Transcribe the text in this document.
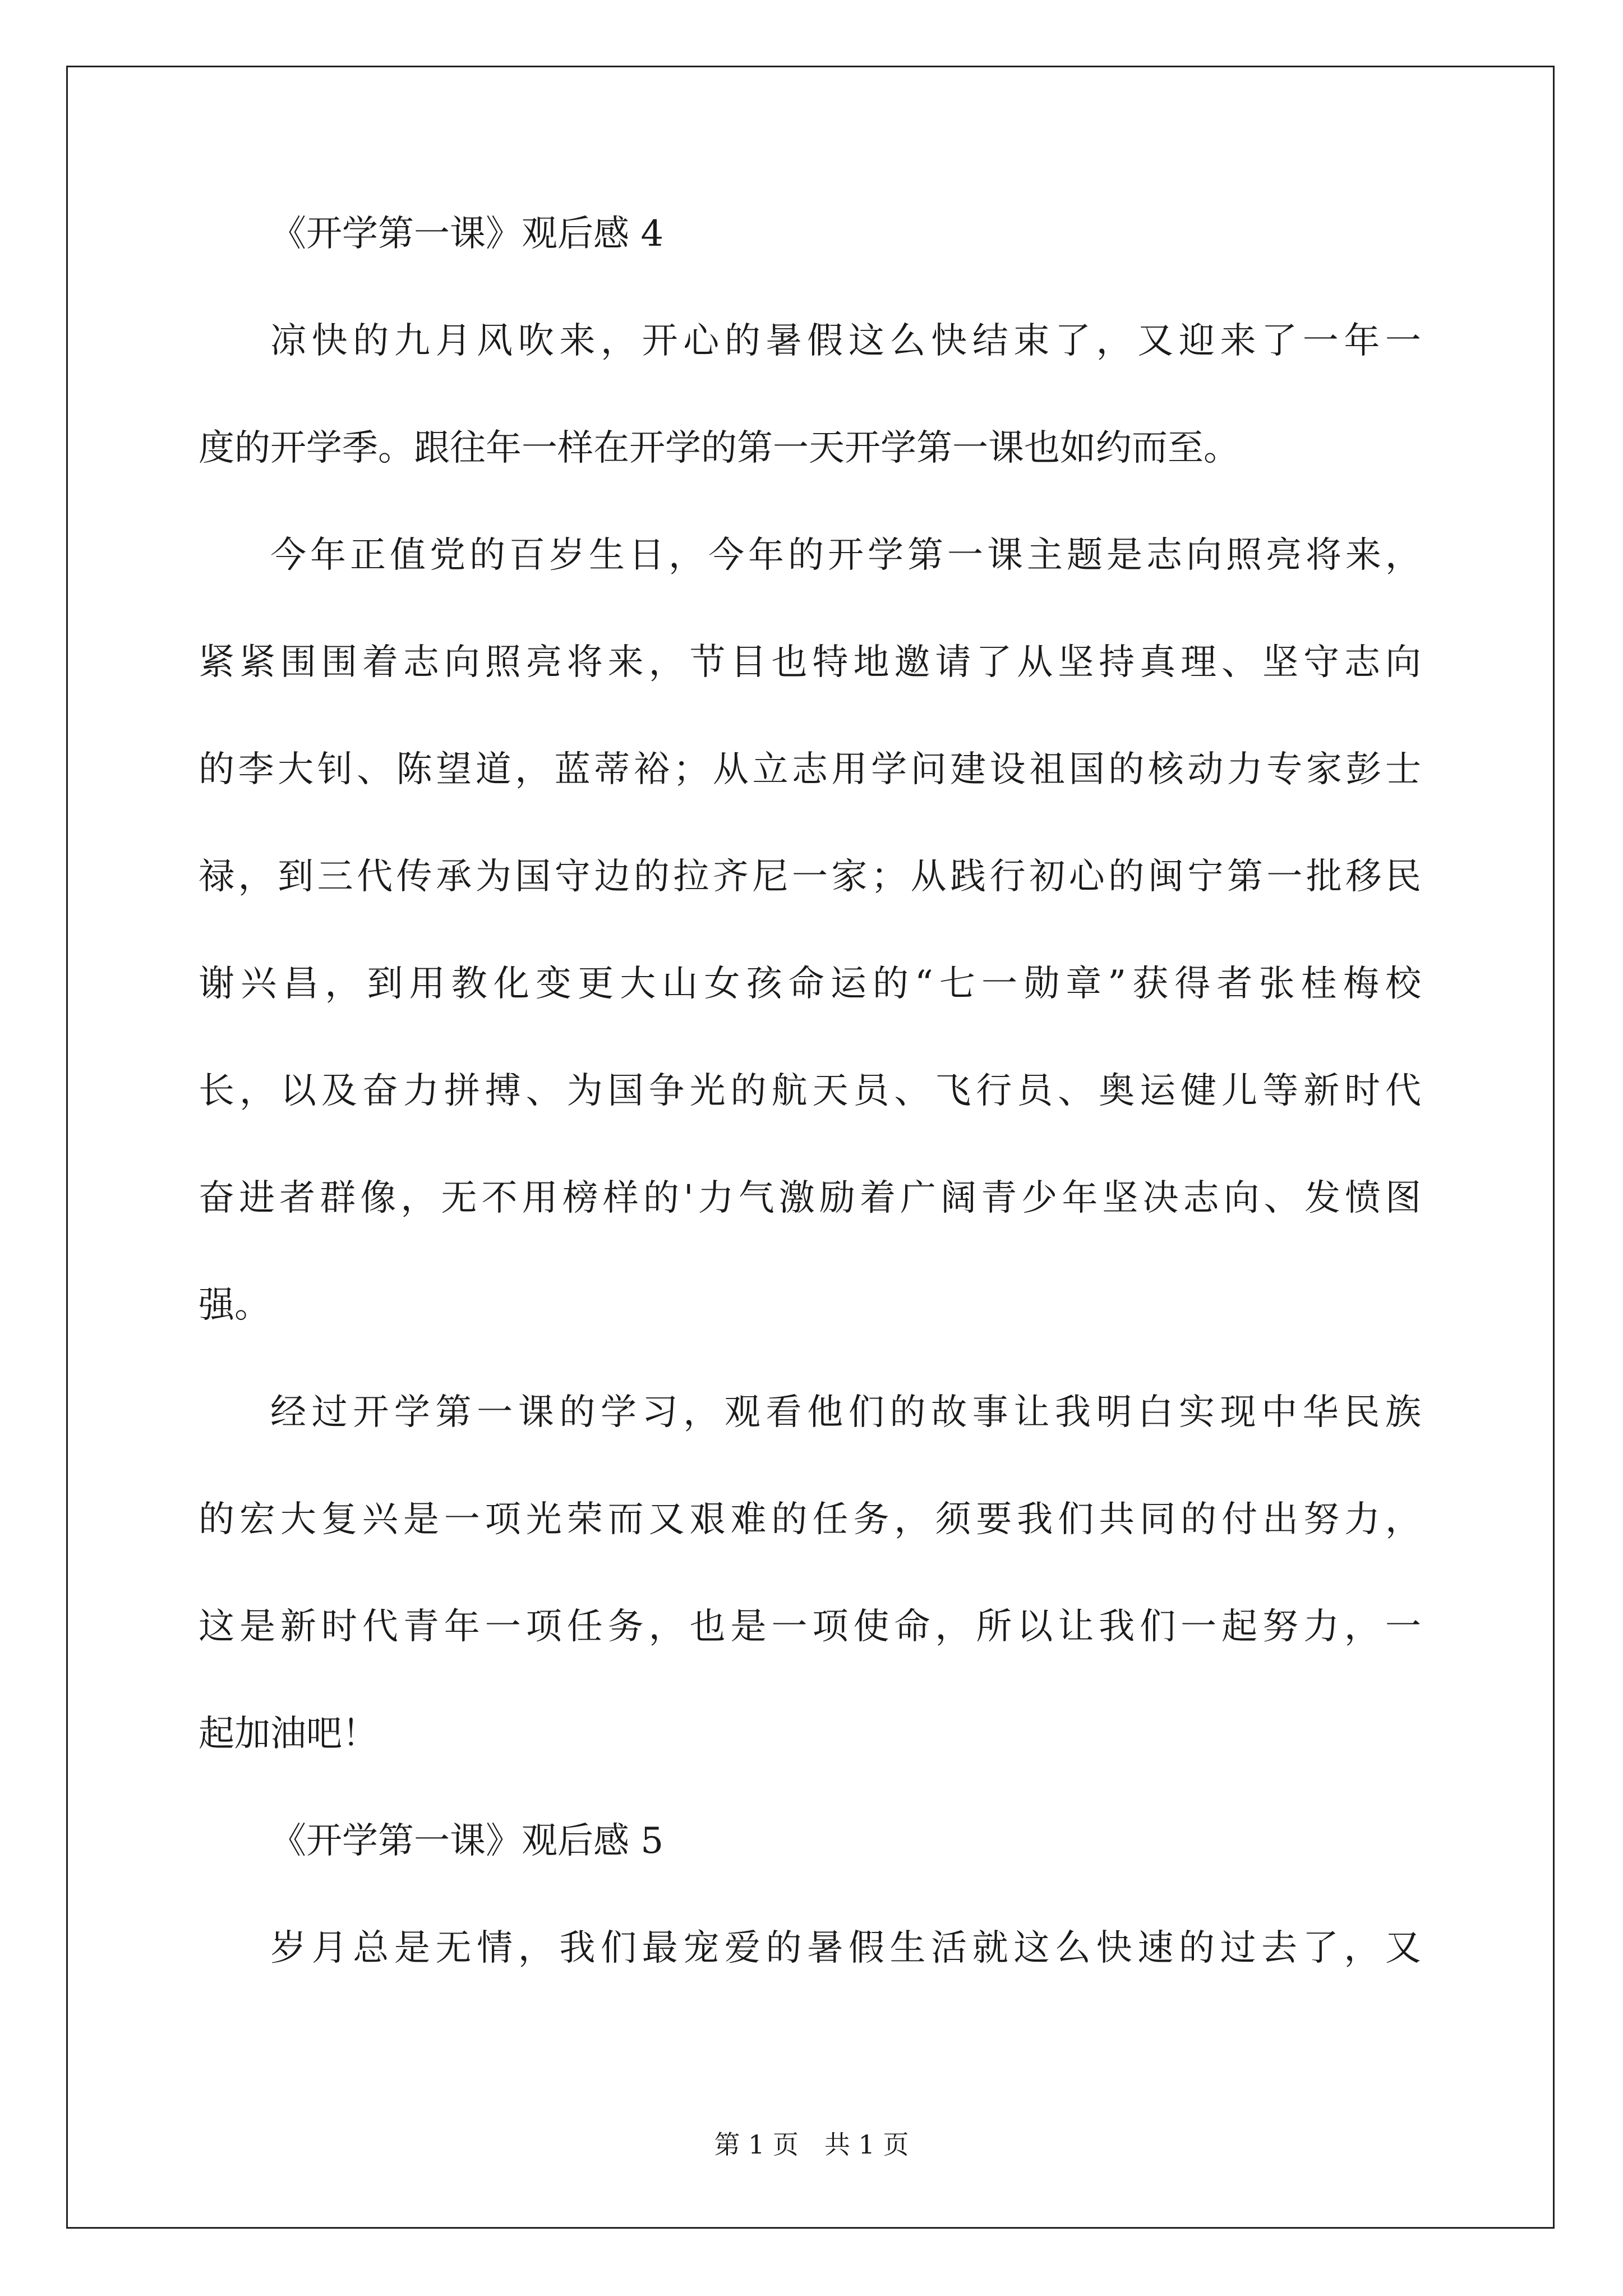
《开学第一课》观后感 4
凉快的九月风吹来，开心的暑假这么快结束了，又迎来了一年一
度的开学季。跟往年一样在开学的第一天开学第一课也如约而至。
今年正值党的百岁生日，今年的开学第一课主题是志向照亮将来，
紧紧围围着志向照亮将来，节目也特地邀请了从坚持真理、坚守志向
的李大钊、陈望道，蓝蒂裕；从立志用学问建设祖国的核动力专家彭士
禄，到三代传承为国守边的拉齐尼一家；从践行初心的闽宁第一批移民
谢兴昌，到用教化变更大山女孩命运的“七一勋章”获得者张桂梅校
长，以及奋力拼搏、为国争光的航天员、飞行员、奥运健儿等新时代
奋进者群像，无不用榜样的'力气激励着广阔青少年坚决志向、发愤图
强。
经过开学第一课的学习，观看他们的故事让我明白实现中华民族
的宏大复兴是一项光荣而又艰难的任务，须要我们共同的付出努力，
这是新时代青年一项任务，也是一项使命，所以让我们一起努力，一
起加油吧！
《开学第一课》观后感 5
岁月总是无情，我们最宠爱的暑假生活就这么快速的过去了，又
第 1 页　共 1 页
